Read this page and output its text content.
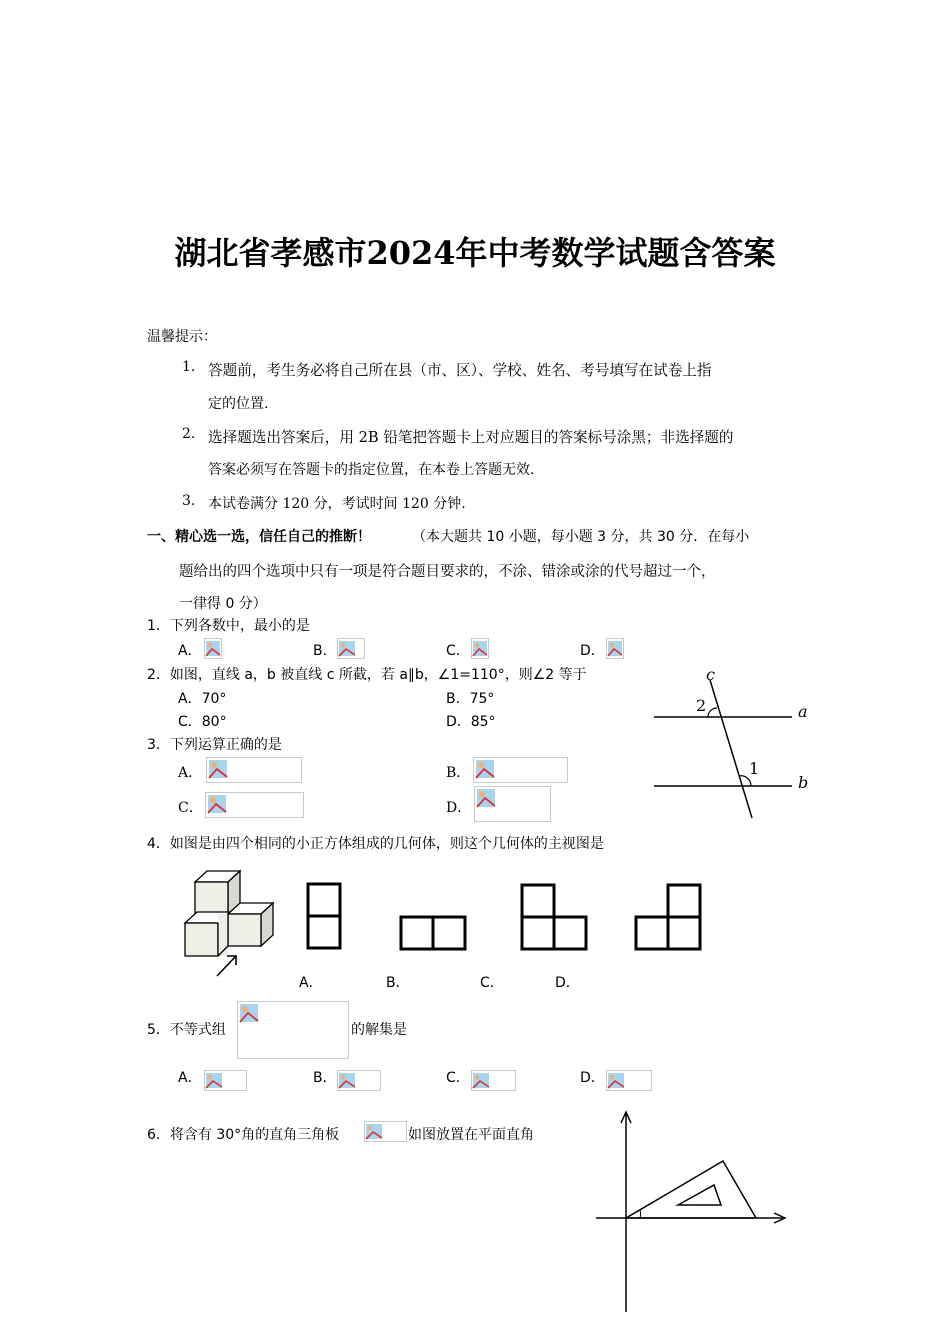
湖北省孝感市2024年中考数学试题含答案
温馨提示：
1. 答题前，考生务必将自己所在县（市、区）、学校、姓名、考号填写在试卷上指
定的位置.
2. 选择题选出答案后，用 2B 铅笔把答题卡上对应题目的答案标号涂黑；非选择题的
答案必须写在答题卡的指定位置，在本卷上答题无效.
3. 本试卷满分 120 分，考试时间 120 分钟.
一、精心选一选，信任自己的推断！	（本大题共 10 小题，每小题 3 分，共 30 分．在每小
题给出的四个选项中只有一项是符合题目要求的，不涂、错涂或涂的代号超过一个，
一律得 0 分）
1．下列各数中，最小的是
A．	B．	C．	D．
2．如图，直线 a，b 被直线 c 所截，若 a∥b，∠1=110°，则∠2 等于
A．70°	B．75°
C．80°	D．85°
c
2	a
1
b
3．下列运算正确的是
A．	B．
C．	D．
4．如图是由四个相同的小正方体组成的几何体，则这个几何体的主视图是
A．	B．	C．	D．
5．不等式组	的解集是
A．	B．	C．	D．
6．将含有 30°角的直角三角板	如图放置在平面直角
